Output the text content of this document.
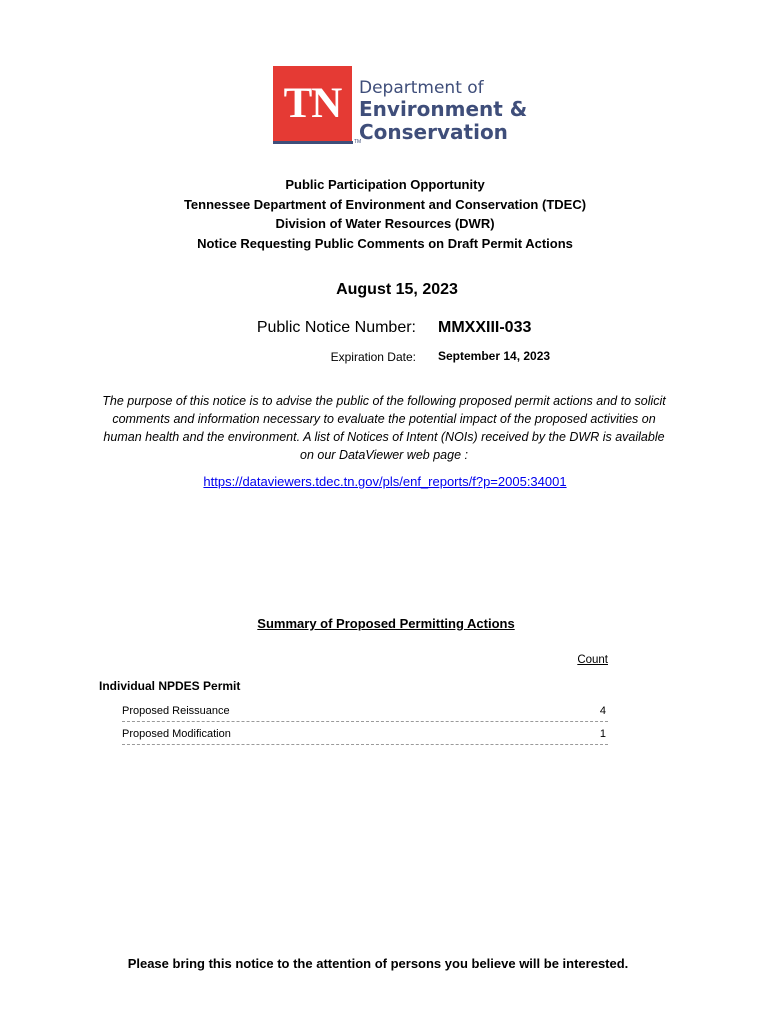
TN	Department of
Environment &
Conservation
TM
Public Participation Opportunity
Tennessee Department of Environment and Conservation (TDEC)
Division of Water Resources (DWR)
Notice Requesting Public Comments on Draft Permit Actions
August 15, 2023
Public Notice Number: MMXXIII-033
Expiration Date: September 14, 2023
The purpose of this notice is to advise the public of the following proposed permit actions and to solicit comments and information necessary to evaluate the potential impact of the proposed activities on human health and the environment. A list of Notices of Intent (NOIs) received by the DWR is available on our DataViewer web page :
https://dataviewers.tdec.tn.gov/pls/enf_reports/f?p=2005:34001
Summary of Proposed Permitting Actions
Count
Individual NPDES Permit
Proposed Reissuance	4
Proposed Modification	1
Please bring this notice to the attention of persons you believe will be interested.
